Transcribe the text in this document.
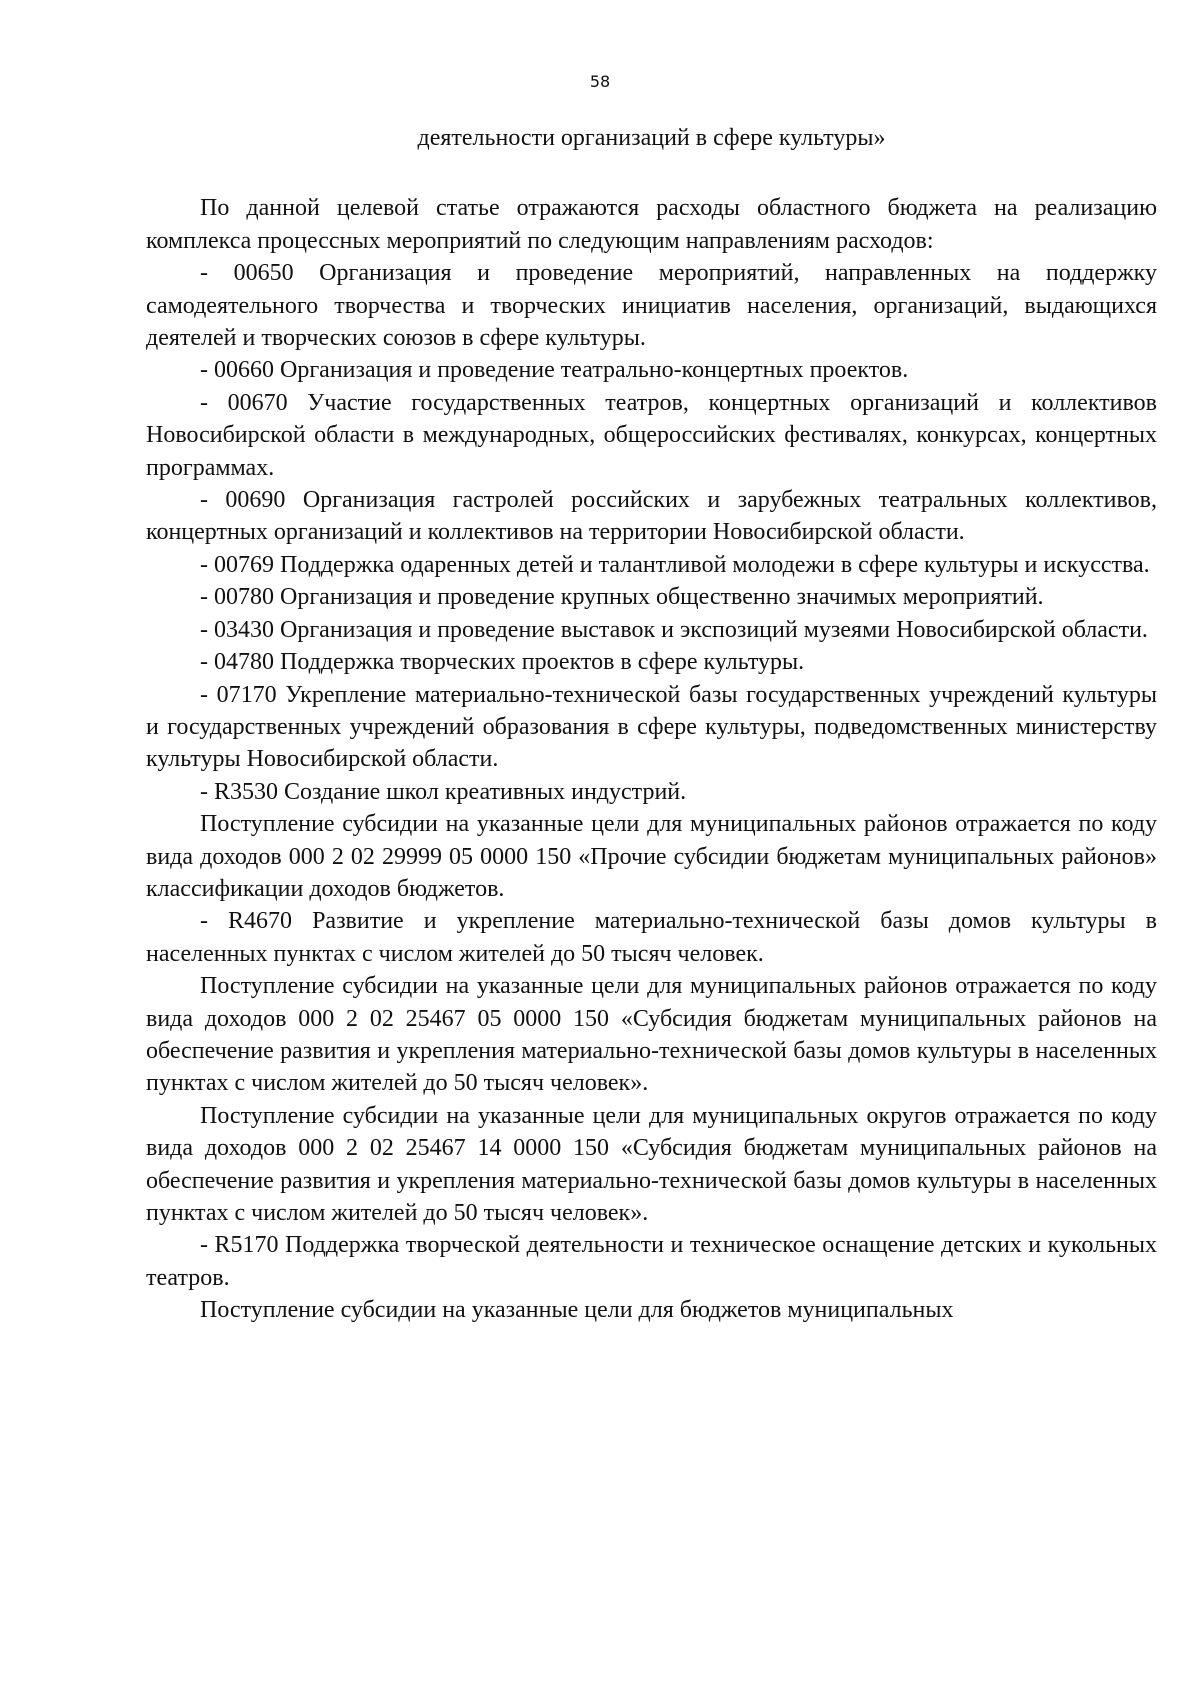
58

деятельности организаций в сфере культуры»

По данной целевой статье отражаются расходы областного бюджета на реализацию комплекса процессных мероприятий по следующим направлениям расходов:

- 00650 Организация и проведение мероприятий, направленных на поддержку самодеятельного творчества и творческих инициатив населения, организаций, выдающихся деятелей и творческих союзов в сфере культуры.

- 00660 Организация и проведение театрально-концертных проектов.

- 00670 Участие государственных театров, концертных организаций и коллективов Новосибирской области в международных, общероссийских фестивалях, конкурсах, концертных программах.

- 00690 Организация гастролей российских и зарубежных театральных коллективов, концертных организаций и коллективов на территории Новосибирской области.

- 00769 Поддержка одаренных детей и талантливой молодежи в сфере культуры и искусства.

- 00780 Организация и проведение крупных общественно значимых мероприятий.

- 03430 Организация и проведение выставок и экспозиций музеями Новосибирской области.

- 04780 Поддержка творческих проектов в сфере культуры.

- 07170 Укрепление материально-технической базы государственных учреждений культуры и государственных учреждений образования в сфере культуры, подведомственных министерству культуры Новосибирской области.

- R3530 Создание школ креативных индустрий.

Поступление субсидии на указанные цели для муниципальных районов отражается по коду вида доходов 000 2 02 29999 05 0000 150 «Прочие субсидии бюджетам муниципальных районов» классификации доходов бюджетов.

- R4670 Развитие и укрепление материально-технической базы домов культуры в населенных пунктах с числом жителей до 50 тысяч человек.

Поступление субсидии на указанные цели для муниципальных районов отражается по коду вида доходов 000 2 02 25467 05 0000 150 «Субсидия бюджетам муниципальных районов на обеспечение развития и укрепления материально-технической базы домов культуры в населенных пунктах с числом жителей до 50 тысяч человек».

Поступление субсидии на указанные цели для муниципальных округов отражается по коду вида доходов 000 2 02 25467 14 0000 150 «Субсидия бюджетам муниципальных районов на обеспечение развития и укрепления материально-технической базы домов культуры в населенных пунктах с числом жителей до 50 тысяч человек».

- R5170 Поддержка творческой деятельности и техническое оснащение детских и кукольных театров.

Поступление субсидии на указанные цели для бюджетов муниципальных
